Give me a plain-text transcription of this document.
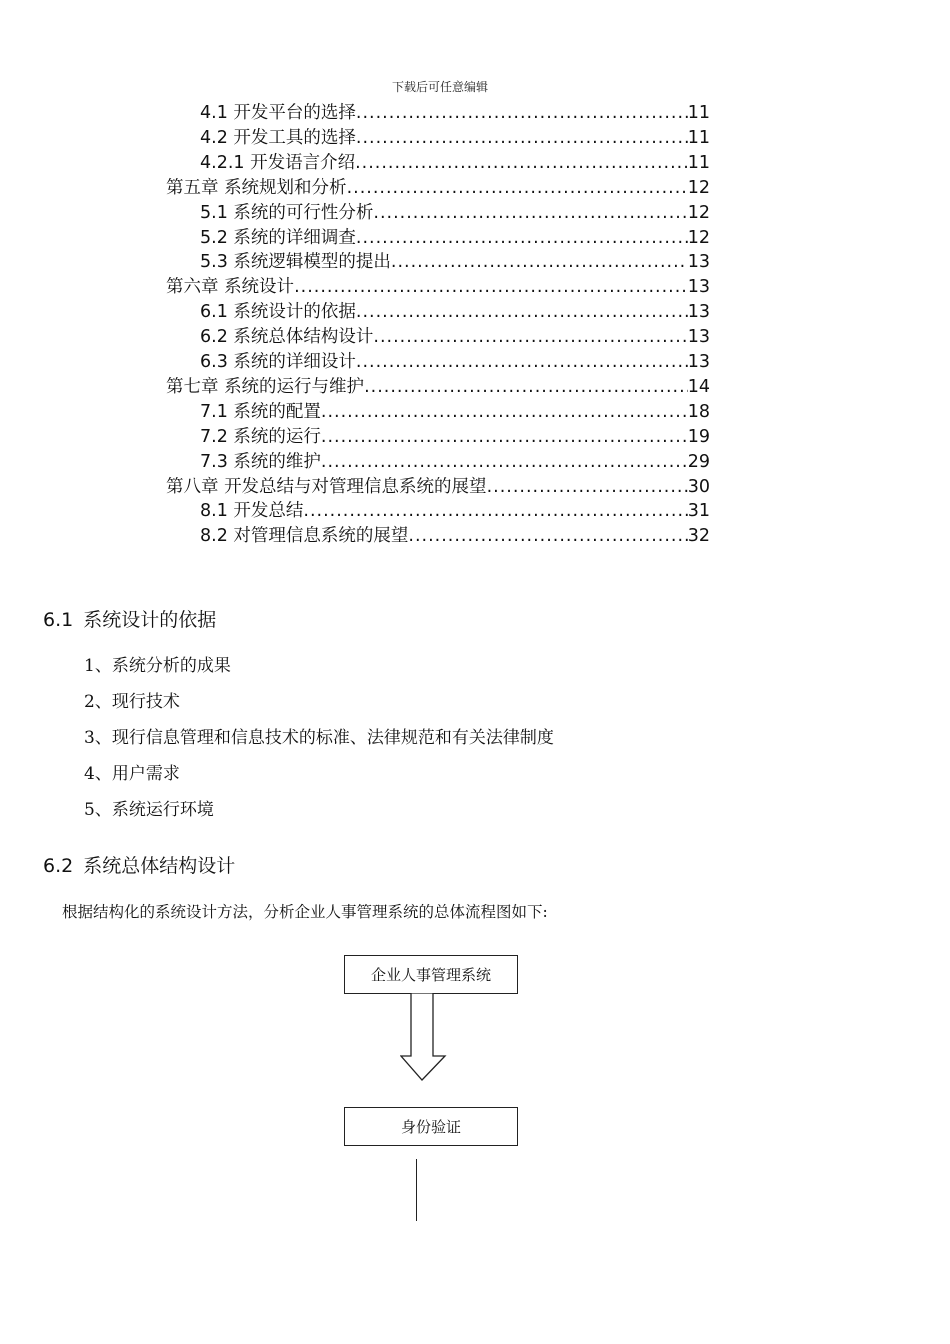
下载后可任意编辑
4.1 开发平台的选择 .....	11
4.2 开发工具的选择 .....	11
4.2.1 开发语言介绍 .....	11
第五章 系统规划和分析 .....	12
5.1 系统的可行性分析 .....	12
5.2 系统的详细调查 .....	12
5.3 系统逻辑模型的提出 .....	13
第六章 系统设计 .....	13
6.1 系统设计的依据 .....	13
6.2 系统总体结构设计 .....	13
6.3 系统的详细设计 .....	13
第七章 系统的运行与维护 .....	14
7.1 系统的配置 .....	18
7.2 系统的运行 .....	19
7.3 系统的维护 .....	29
第八章 开发总结与对管理信息系统的展望 .....	30
8.1 开发总结 .....	31
8.2 对管理信息系统的展望 .....	32
6.1 系统设计的依据
1、系统分析的成果
2、现行技术
3、现行信息管理和信息技术的标准、法律规范和有关法律制度
4、用户需求
5、系统运行环境
6.2 系统总体结构设计
根据结构化的系统设计方法，分析企业人事管理系统的总体流程图如下:
企业人事管理系统
身份验证
